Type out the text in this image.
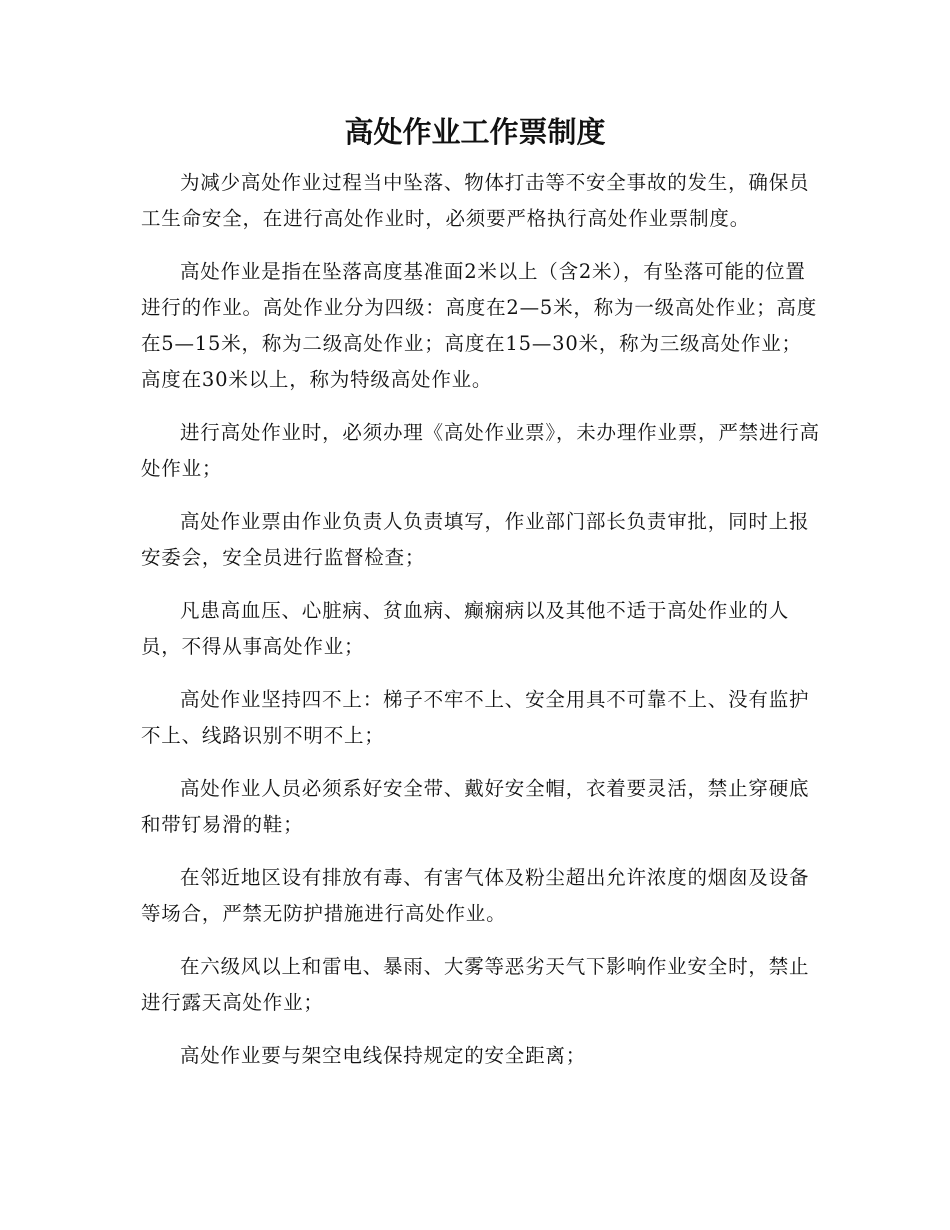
高处作业工作票制度

为减少高处作业过程当中坠落、物体打击等不安全事故的发生，确保员工生命安全，在进行高处作业时，必须要严格执行高处作业票制度。

高处作业是指在坠落高度基准面2米以上（含2米），有坠落可能的位置进行的作业。高处作业分为四级：高度在2—5米，称为一级高处作业；高度在5—15米，称为二级高处作业；高度在15—30米，称为三级高处作业；高度在30米以上，称为特级高处作业。

进行高处作业时，必须办理《高处作业票》，未办理作业票，严禁进行高处作业；

高处作业票由作业负责人负责填写，作业部门部长负责审批，同时上报安委会，安全员进行监督检查；

凡患高血压、心脏病、贫血病、癫痫病以及其他不适于高处作业的人员，不得从事高处作业；

高处作业坚持四不上：梯子不牢不上、安全用具不可靠不上、没有监护不上、线路识别不明不上；

高处作业人员必须系好安全带、戴好安全帽，衣着要灵活，禁止穿硬底和带钉易滑的鞋；

在邻近地区设有排放有毒、有害气体及粉尘超出允许浓度的烟囱及设备等场合，严禁无防护措施进行高处作业。

在六级风以上和雷电、暴雨、大雾等恶劣天气下影响作业安全时，禁止进行露天高处作业；

高处作业要与架空电线保持规定的安全距离；
